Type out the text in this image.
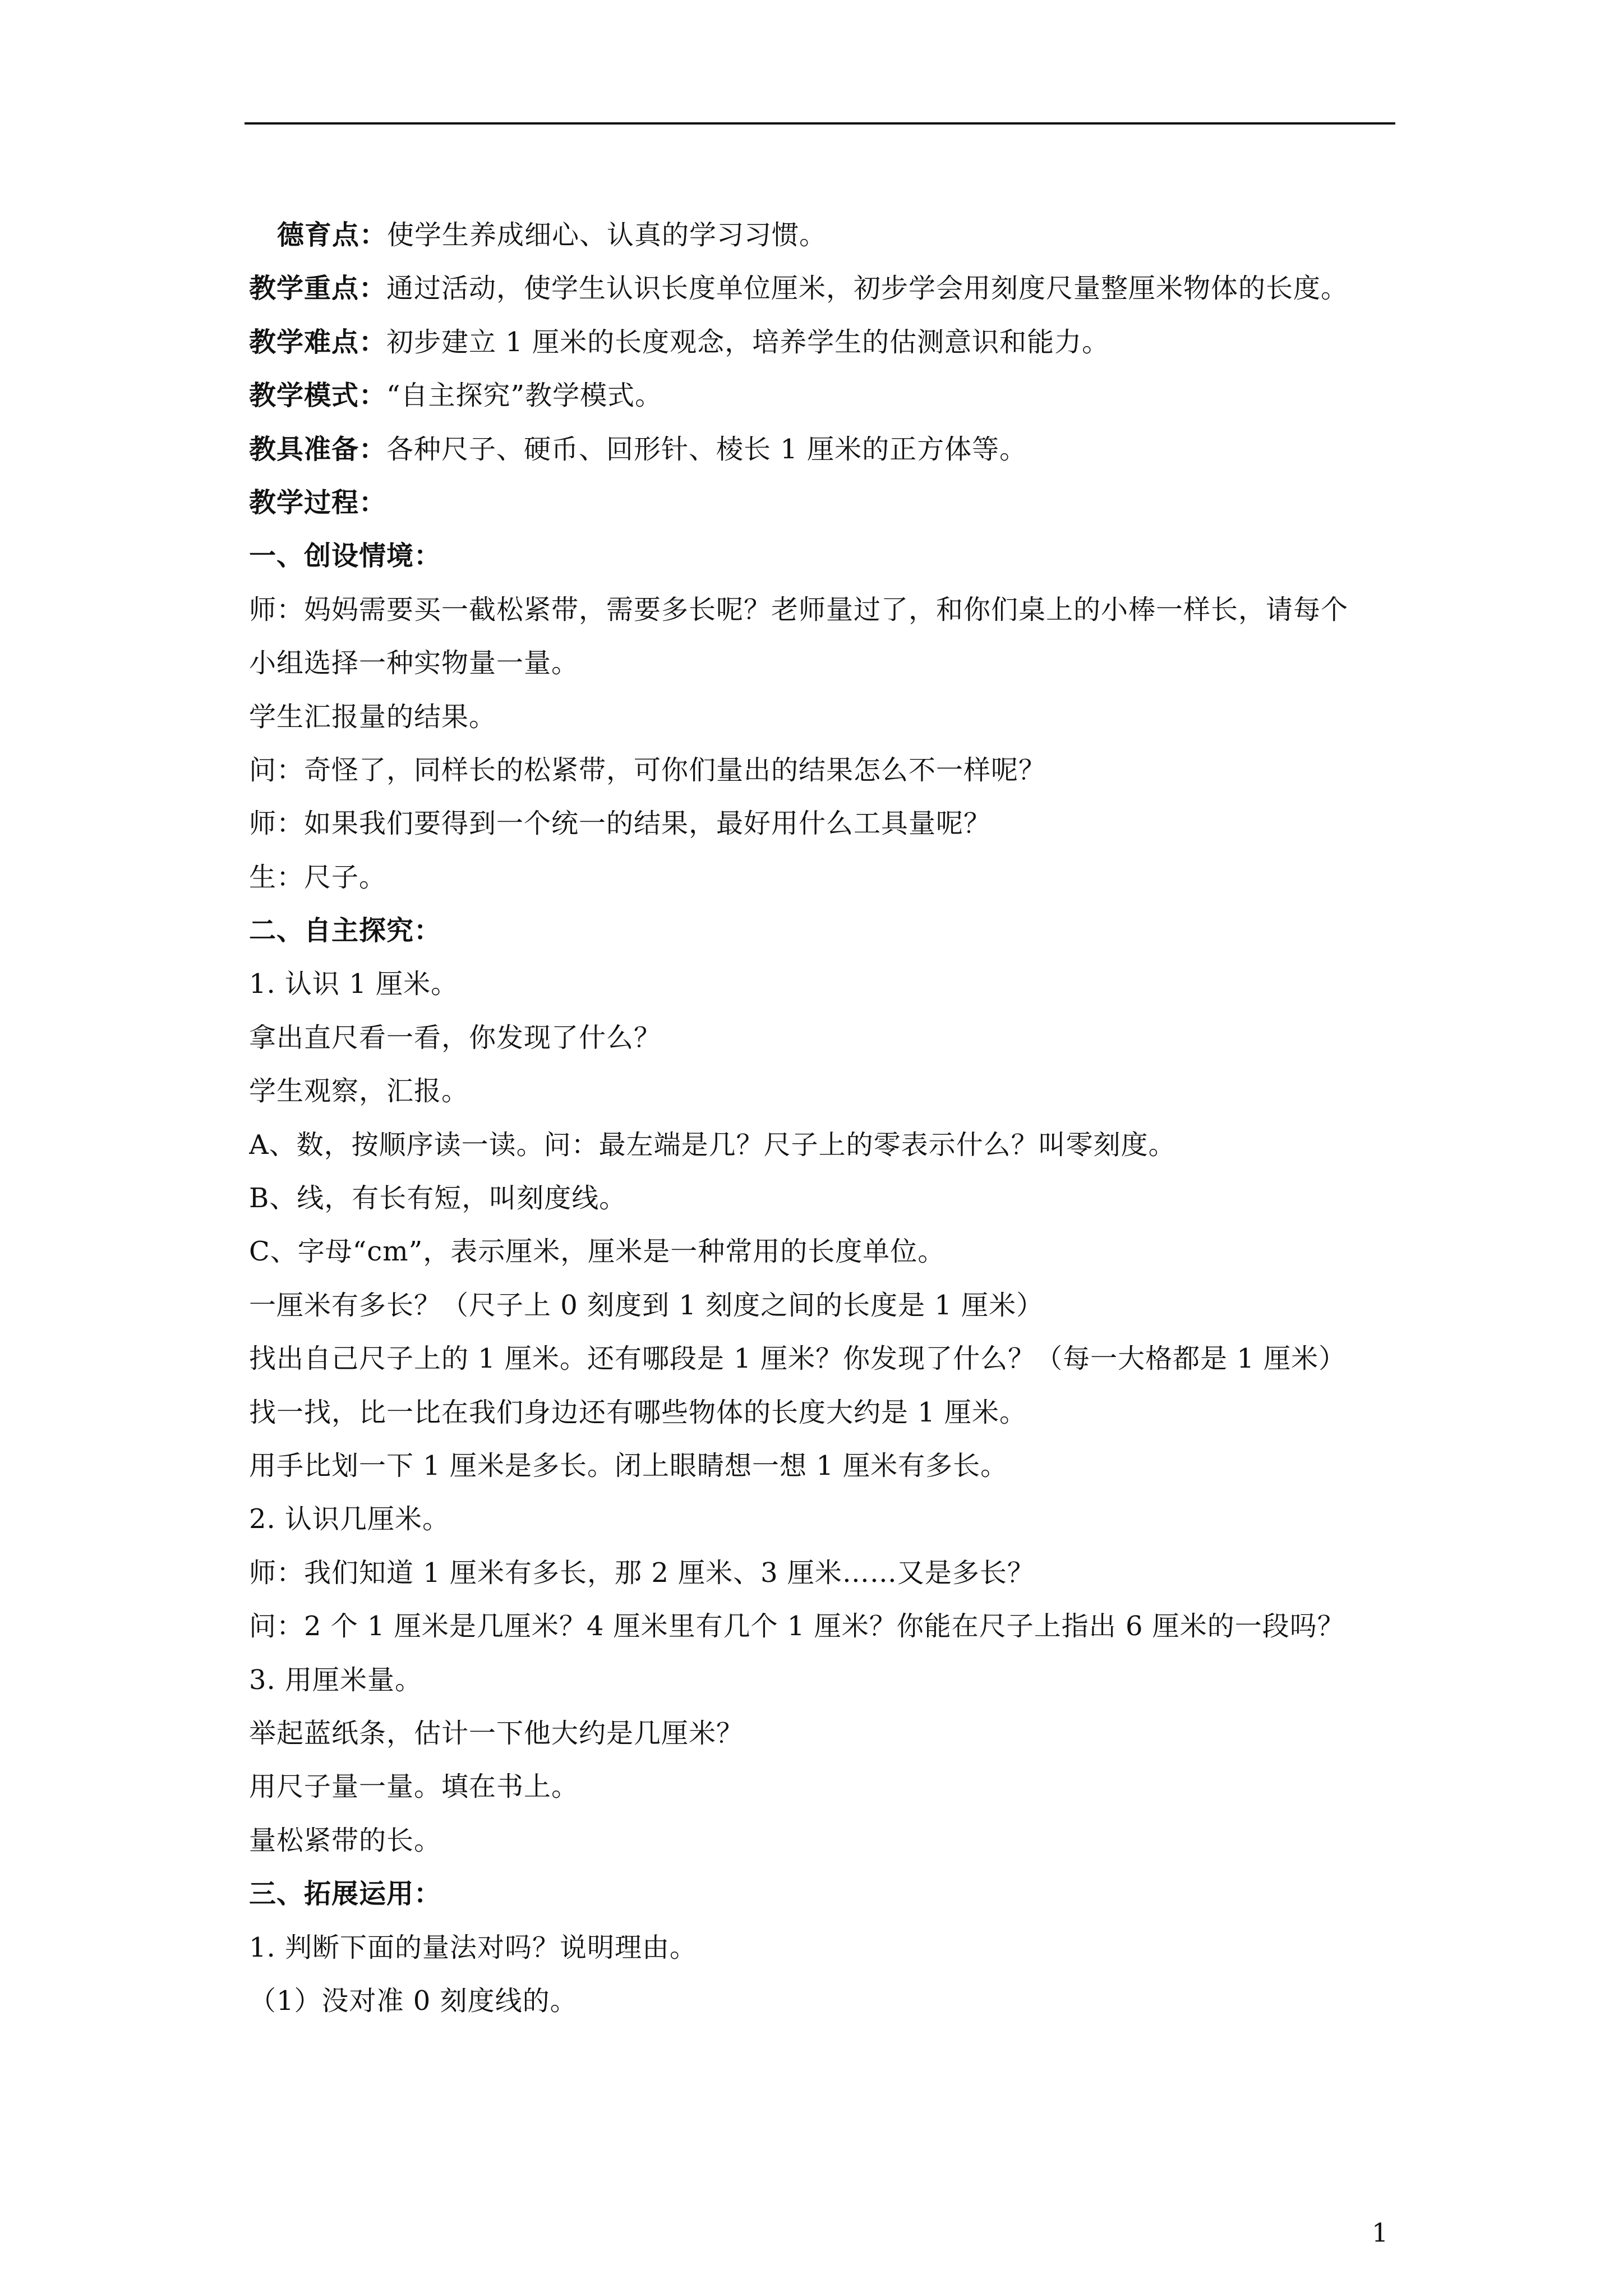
德育点：使学生养成细心、认真的学习习惯。
教学重点：通过活动，使学生认识长度单位厘米，初步学会用刻度尺量整厘米物体的长度。
教学难点：初步建立 1 厘米的长度观念，培养学生的估测意识和能力。
教学模式：“自主探究”教学模式。
教具准备：各种尺子、硬币、回形针、棱长 1 厘米的正方体等。
教学过程：
一、创设情境：
师：妈妈需要买一截松紧带，需要多长呢？老师量过了，和你们桌上的小棒一样长，请每个
小组选择一种实物量一量。
学生汇报量的结果。
问：奇怪了，同样长的松紧带，可你们量出的结果怎么不一样呢？
师：如果我们要得到一个统一的结果，最好用什么工具量呢？
生：尺子。
二、自主探究：
1. 认识 1 厘米。
拿出直尺看一看，你发现了什么？
学生观察，汇报。
A、数，按顺序读一读。问：最左端是几？尺子上的零表示什么？叫零刻度。
B、线，有长有短，叫刻度线。
C、字母“cm”，表示厘米，厘米是一种常用的长度单位。
一厘米有多长？（尺子上 0 刻度到 1 刻度之间的长度是 1 厘米）
找出自己尺子上的 1 厘米。还有哪段是 1 厘米？你发现了什么？（每一大格都是 1 厘米）
找一找，比一比在我们身边还有哪些物体的长度大约是 1 厘米。
用手比划一下 1 厘米是多长。闭上眼睛想一想 1 厘米有多长。
2. 认识几厘米。
师：我们知道 1 厘米有多长，那 2 厘米、3 厘米……又是多长？
问：2 个 1 厘米是几厘米？4 厘米里有几个 1 厘米？你能在尺子上指出 6 厘米的一段吗？
3. 用厘米量。
举起蓝纸条，估计一下他大约是几厘米？
用尺子量一量。填在书上。
量松紧带的长。
三、拓展运用：
1. 判断下面的量法对吗？说明理由。
（1）没对准 0 刻度线的。
1
